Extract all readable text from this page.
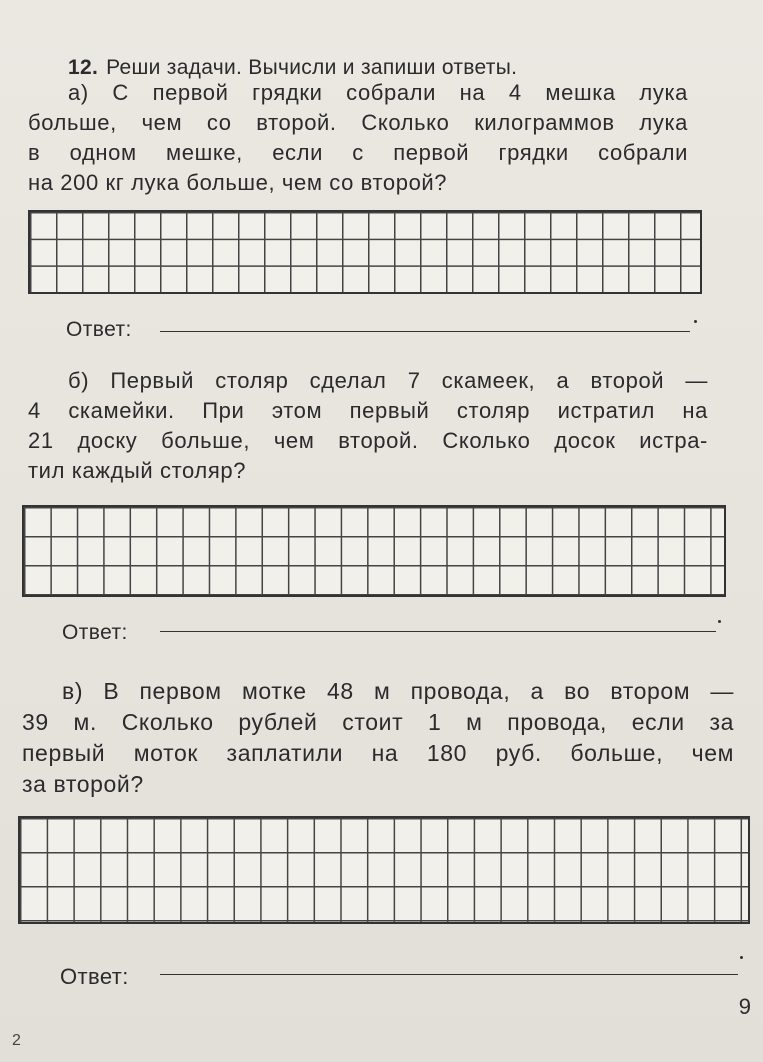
12. Реши задачи. Вычисли и запиши ответы.
а) С первой грядки собрали на 4 мешка лука
больше, чем со второй. Сколько килограммов лука
в одном мешке, если с первой грядки собрали
на 200 кг лука больше, чем со второй?
Ответ:
б) Первый столяр сделал 7 скамеек, а второй —
4 скамейки. При этом первый столяр истратил на
21 доску больше, чем второй. Сколько досок истра-
тил каждый столяр?
Ответ:
в) В первом мотке 48 м провода, а во втором —
39 м. Сколько рублей стоит 1 м провода, если за
первый моток заплатили на 180 руб. больше, чем
за второй?
Ответ:
9
2
